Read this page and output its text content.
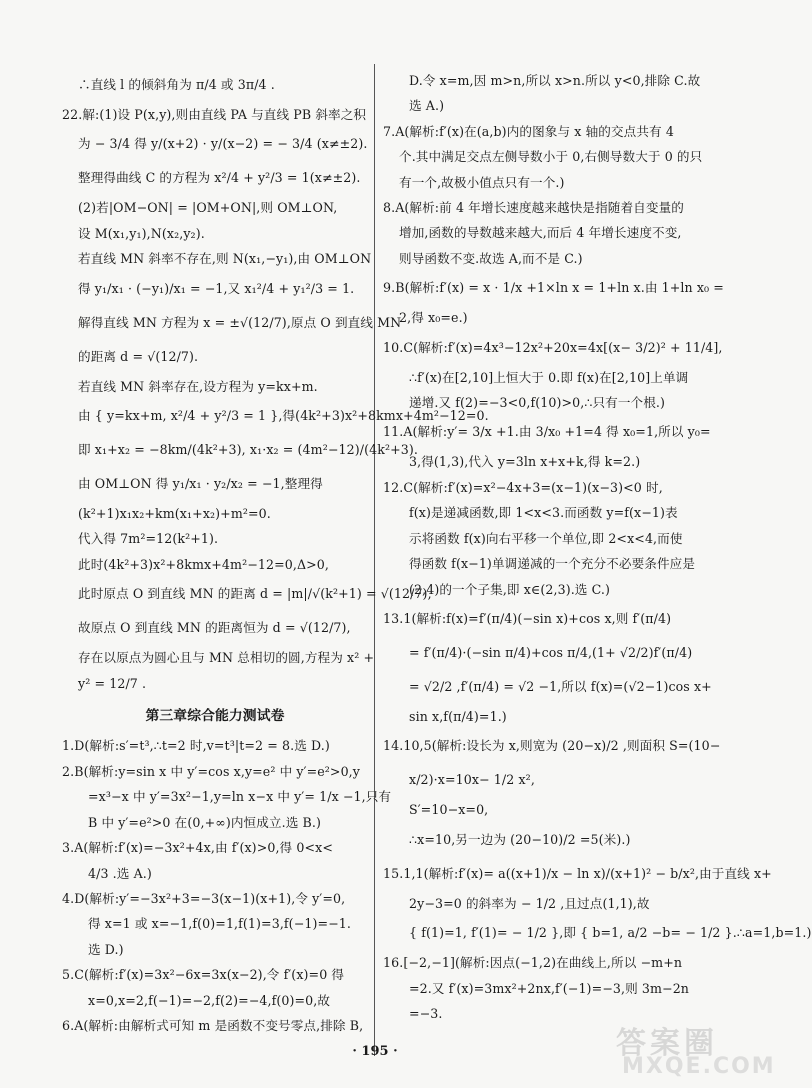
∴直线 l 的倾斜角为 π/4 或 3π/4 .
22.解:(1)设 P(x,y),则由直线 PA 与直线 PB 斜率之积
为 − 3/4 得 y/(x+2) · y/(x−2) = − 3/4 (x≠±2).
整理得曲线 C 的方程为 x²/4 + y²/3 = 1(x≠±2).
(2)若|OM−ON| = |OM+ON|,则 OM⊥ON,
设 M(x₁,y₁),N(x₂,y₂).
若直线 MN 斜率不存在,则 N(x₁,−y₁),由 OM⊥ON
得 y₁/x₁ · (−y₁)/x₁ = −1,又 x₁²/4 + y₁²/3 = 1.
解得直线 MN 方程为 x = ±√(12/7),原点 O 到直线 MN
的距离 d = √(12/7).
若直线 MN 斜率存在,设方程为 y=kx+m.
由 { y=kx+m, x²/4 + y²/3 = 1 },得(4k²+3)x²+8kmx+4m²−12=0.
即 x₁+x₂ = −8km/(4k²+3), x₁·x₂ = (4m²−12)/(4k²+3).
由 OM⊥ON 得 y₁/x₁ · y₂/x₂ = −1,整理得
(k²+1)x₁x₂+km(x₁+x₂)+m²=0.
代入得 7m²=12(k²+1).
此时(4k²+3)x²+8kmx+4m²−12=0,Δ>0,
此时原点 O 到直线 MN 的距离 d = |m|/√(k²+1) = √(12/7),
故原点 O 到直线 MN 的距离恒为 d = √(12/7),
存在以原点为圆心且与 MN 总相切的圆,方程为 x² +
y² = 12/7 .
第三章综合能力测试卷
1.D(解析:s′=t³,∴t=2 时,v=t³|t=2 = 8.选 D.)
2.B(解析:y=sin x 中 y′=cos x,y=e² 中 y′=e²>0,y
=x³−x 中 y′=3x²−1,y=ln x−x 中 y′= 1/x −1,只有
B 中 y′=e²>0 在(0,+∞)内恒成立.选 B.)
3.A(解析:f′(x)=−3x²+4x,由 f′(x)>0,得 0<x<
4/3 .选 A.)
4.D(解析:y′=−3x²+3=−3(x−1)(x+1),令 y′=0,
得 x=1 或 x=−1,f(0)=1,f(1)=3,f(−1)=−1.
选 D.)
5.C(解析:f′(x)=3x²−6x=3x(x−2),令 f′(x)=0 得
x=0,x=2,f(−1)=−2,f(2)=−4,f(0)=0,故
6.A(解析:由解析式可知 m 是函数不变号零点,排除 B,
D.令 x=m,因 m>n,所以 x>n.所以 y<0,排除 C.故
选 A.)
7.A(解析:f′(x)在(a,b)内的图象与 x 轴的交点共有 4
个.其中满足交点左侧导数小于 0,右侧导数大于 0 的只
有一个,故极小值点只有一个.)
8.A(解析:前 4 年增长速度越来越快是指随着自变量的
增加,函数的导数越来越大,而后 4 年增长速度不变,
则导函数不变.故选 A,而不是 C.)
9.B(解析:f′(x) = x · 1/x +1×ln x = 1+ln x.由 1+ln x₀ =
2,得 x₀=e.)
10.C(解析:f′(x)=4x³−12x²+20x=4x[(x− 3/2)² + 11/4],
∴f′(x)在[2,10]上恒大于 0.即 f(x)在[2,10]上单调
递增.又 f(2)=−3<0,f(10)>0,∴只有一个根.)
11.A(解析:y′= 3/x +1.由 3/x₀ +1=4 得 x₀=1,所以 y₀=
3,得(1,3),代入 y=3ln x+x+k,得 k=2.)
12.C(解析:f′(x)=x²−4x+3=(x−1)(x−3)<0 时,
f(x)是递减函数,即 1<x<3.而函数 y=f(x−1)表
示将函数 f(x)向右平移一个单位,即 2<x<4,而使
得函数 f(x−1)单调递减的一个充分不必要条件应是
(2,4)的一个子集,即 x∈(2,3).选 C.)
13.1(解析:f(x)=f′(π/4)(−sin x)+cos x,则 f′(π/4)
= f′(π/4)·(−sin π/4)+cos π/4,(1+ √2/2)f′(π/4)
= √2/2 ,f′(π/4) = √2 −1,所以 f(x)=(√2−1)cos x+
sin x,f(π/4)=1.)
14.10,5(解析:设长为 x,则宽为 (20−x)/2 ,则面积 S=(10−
x/2)·x=10x− 1/2 x²,
S′=10−x=0,
∴x=10,另一边为 (20−10)/2 =5(米).)
15.1,1(解析:f′(x)= a((x+1)/x − ln x)/(x+1)² − b/x²,由于直线 x+
2y−3=0 的斜率为 − 1/2 ,且过点(1,1),故
{ f(1)=1, f′(1)= − 1/2 },即 { b=1, a/2 −b= − 1/2 }.∴a=1,b=1.)
16.[−2,−1](解析:因点(−1,2)在曲线上,所以 −m+n
=2.又 f′(x)=3mx²+2nx,f′(−1)=−3,则 3m−2n
=−3.
· 195 ·	答案圈
MXQE.COM
